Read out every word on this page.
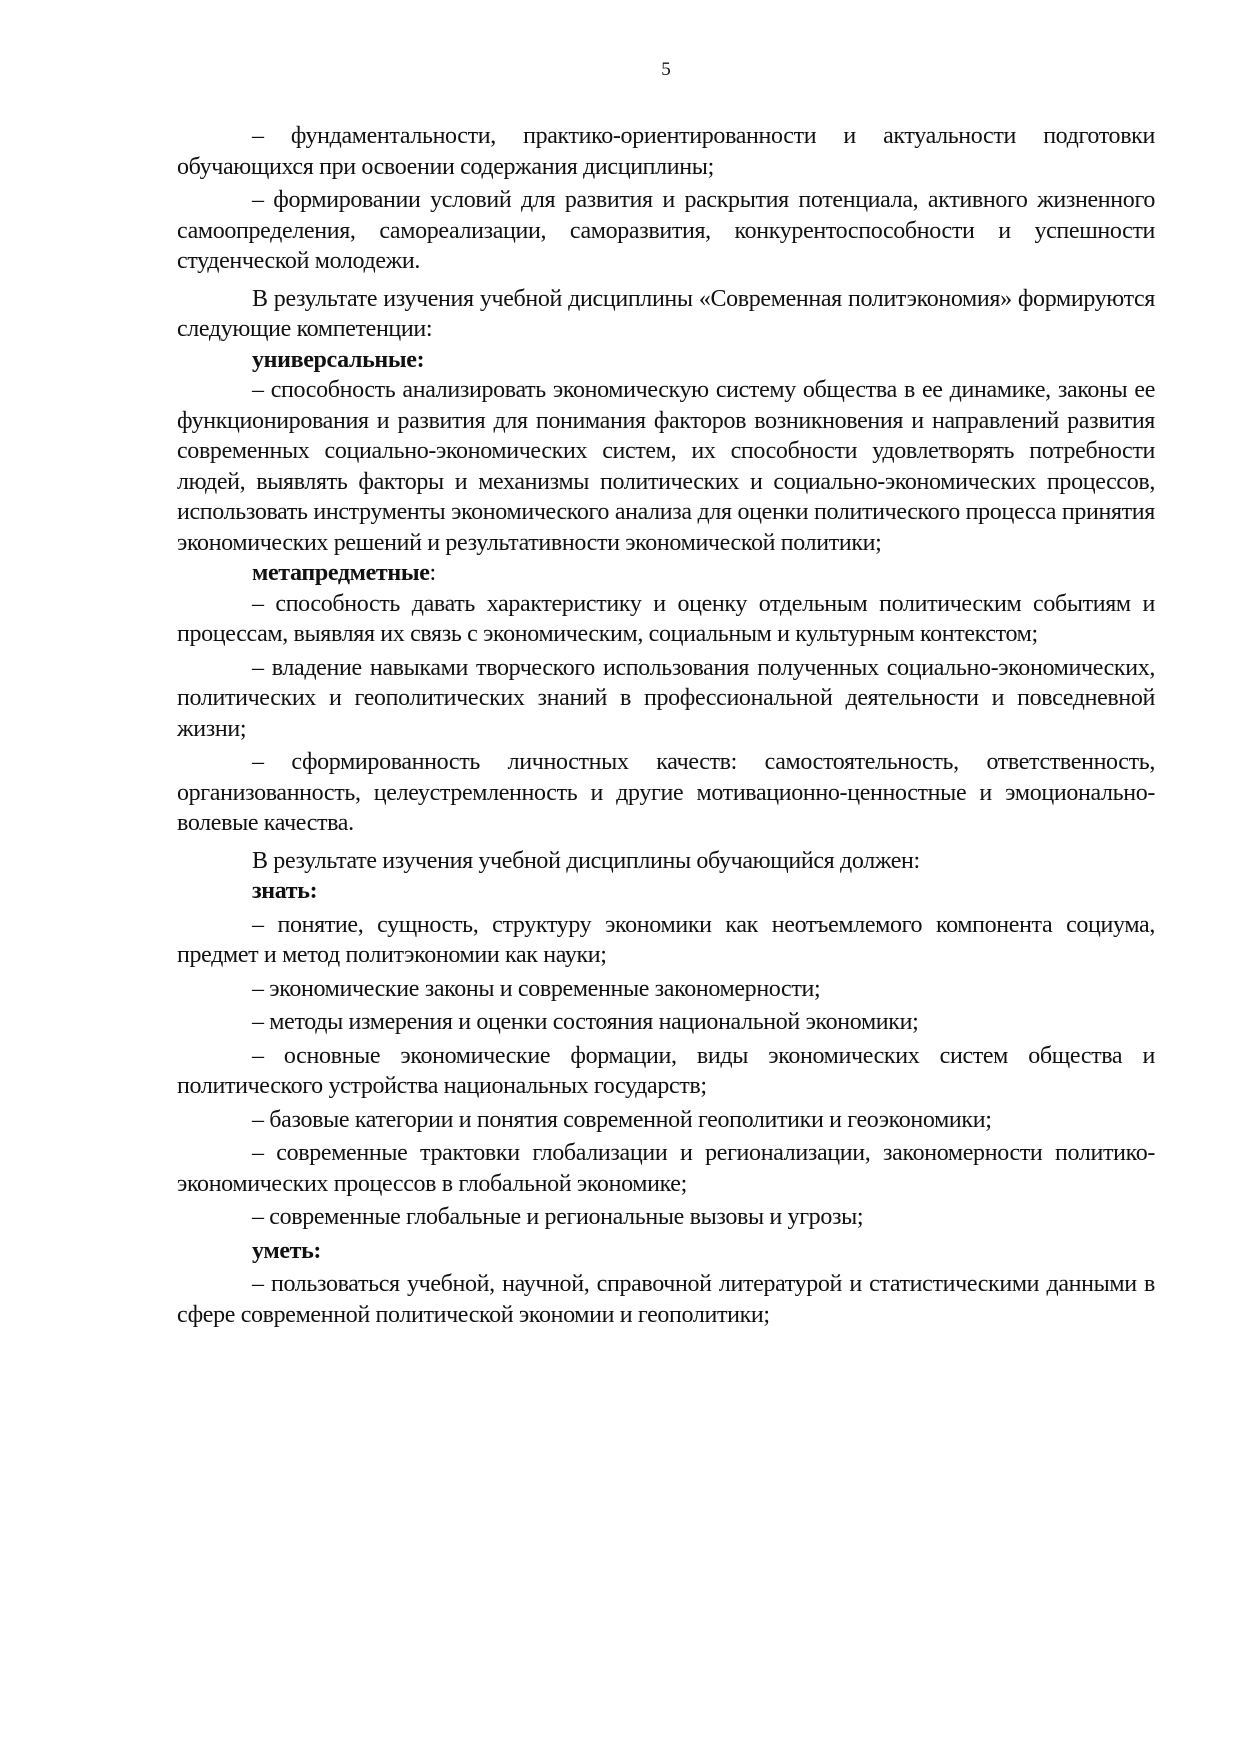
5

– фундаментальности, практико-ориентированности и актуальности подготовки обучающихся при освоении содержания дисциплины;

– формировании условий для развития и раскрытия потенциала, активного жизненного самоопределения, самореализации, саморазвития, конкурентоспособности и успешности студенческой молодежи.

В результате изучения учебной дисциплины «Современная политэкономия» формируются следующие компетенции:

универсальные:

– способность анализировать экономическую систему общества в ее динамике, законы ее функционирования и развития для понимания факторов возникновения и направлений развития современных социально-экономических систем, их способности удовлетворять потребности людей, выявлять факторы и механизмы политических и социально-экономических процессов, использовать инструменты экономического анализа для оценки политического процесса принятия экономических решений и результативности экономической политики;

метапредметные:

– способность давать характеристику и оценку отдельным политическим событиям и процессам, выявляя их связь с экономическим, социальным и культурным контекстом;

– владение навыками творческого использования полученных социально-экономических, политических и геополитических знаний в профессиональной деятельности и повседневной жизни;

– сформированность личностных качеств: самостоятельность, ответственность, организованность, целеустремленность и другие мотивационно-ценностные и эмоционально-волевые качества.

В результате изучения учебной дисциплины обучающийся должен:

знать:

– понятие, сущность, структуру экономики как неотъемлемого компонента социума, предмет и метод политэкономии как науки;

– экономические законы и современные закономерности;

– методы измерения и оценки состояния национальной экономики;

– основные экономические формации, виды экономических систем общества и политического устройства национальных государств;

– базовые категории и понятия современной геополитики и геоэкономики;

– современные трактовки глобализации и регионализации, закономерности политико-экономических процессов в глобальной экономике;

– современные глобальные и региональные вызовы и угрозы;

уметь:

– пользоваться учебной, научной, справочной литературой и статистическими данными в сфере современной политической экономии и геополитики;
